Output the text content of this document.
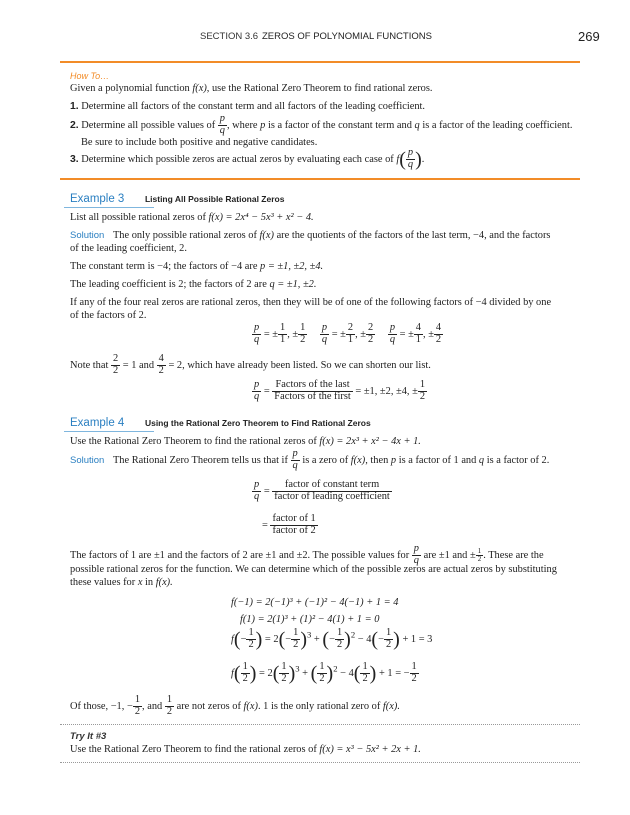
SECTION 3.6 ZEROS OF POLYNOMIAL FUNCTIONS	269
How To…
Given a polynomial function f(x), use the Rational Zero Theorem to find rational zeros.
1. Determine all factors of the constant term and all factors of the leading coefficient.
2. Determine all possible values of $\frac{p}{q}$ , where p is a factor of the constant term and q is a factor of the leading coefficient.
Be sure to include both positive and negative candidates.
3. Determine which possible zeros are actual zeros by evaluating each case of $f( \frac{p}{q}$ ).
Example 3 Listing All Possible Rational Zeros
List all possible rational zeros of f(x) = 2x⁴ − 5x³ + x² − 4.
Solution The only possible rational zeros of f(x) are the quotients of the factors of the last term, −4, and the factors
of the leading coefficient, 2.
The constant term is −4; the factors of −4 are p = ±1, ±2, ±4.
The leading coefficient is 2; the factors of 2 are q = ±1, ±2.
If any of the four real zeros are rational zeros, then they will be of one of the following factors of −4 divided by one
of the factors of 2.
$\frac{p}{q}$ = ± $\frac{1}{1}$ , ± $\frac{1}{2}$
$\frac{p}{q}$ = ± $\frac{2}{1}$ , ± $\frac{2}{2}$
$\frac{p}{q}$ = ± $\frac{4}{1}$ , ± $\frac{4}{2}$
Note that $\frac{2}{2} = 1$ and $\frac{4}{2} = 2$, which have already been listed. So we can shorten our list.
$\frac{p}{q} = \frac{\text{Factors of the last}}{\text{Factors of the first}} = \pm 1$, ±2, ±4, ± $\frac{1}{2}$
Example 4 Using the Rational Zero Theorem to Find Rational Zeros
Use the Rational Zero Theorem to find the rational zeros of f(x) = 2x³ + x² − 4x + 1.
Solution The Rational Zero Theorem tells us that if $\frac{p}{q}$ is a zero of f(x), then p is a factor of 1 and q is a factor of 2.
$\frac{p}{q} = \frac{\text{factor of constant term}}{\text{factor of leading coefficient}}$
= $\frac{\text{factor of 1}}{\text{factor of 2}}$
The factors of 1 are ±1 and the factors of 2 are ±1 and ±2. The possible values for $\frac{p}{q}$ are ±1 and ± $\frac{1}{2}$ . These are the
possible rational zeros for the function. We can determine which of the possible zeros are actual zeros by substituting
these values for x in f(x).
f(−1) = 2(−1)³ + (−1)² − 4(−1) + 1 = 4
f(1) = 2(1)³ + (1)² − 4(1) + 1 = 0
$f(- \frac{1}{2}$ ) = $2(- \frac{1}{2} )^3$ + (− $\frac{1}{2} )^2 - 4(- \frac{1}{2}$ ) + 1 = 3
$f( \frac{1}{2}$ ) = $2( \frac{1}{2} )^3$ + ( $\frac{1}{2} )^2 - 4( \frac{1}{2}$ ) + 1 = − $\frac{1}{2}$
Of those, −1, − $\frac{1}{2}$ , and $\frac{1}{2}$ are not zeros of f(x). 1 is the only rational zero of f(x).
Try It #3
Use the Rational Zero Theorem to find the rational zeros of f(x) = x³ − 5x² + 2x + 1.
